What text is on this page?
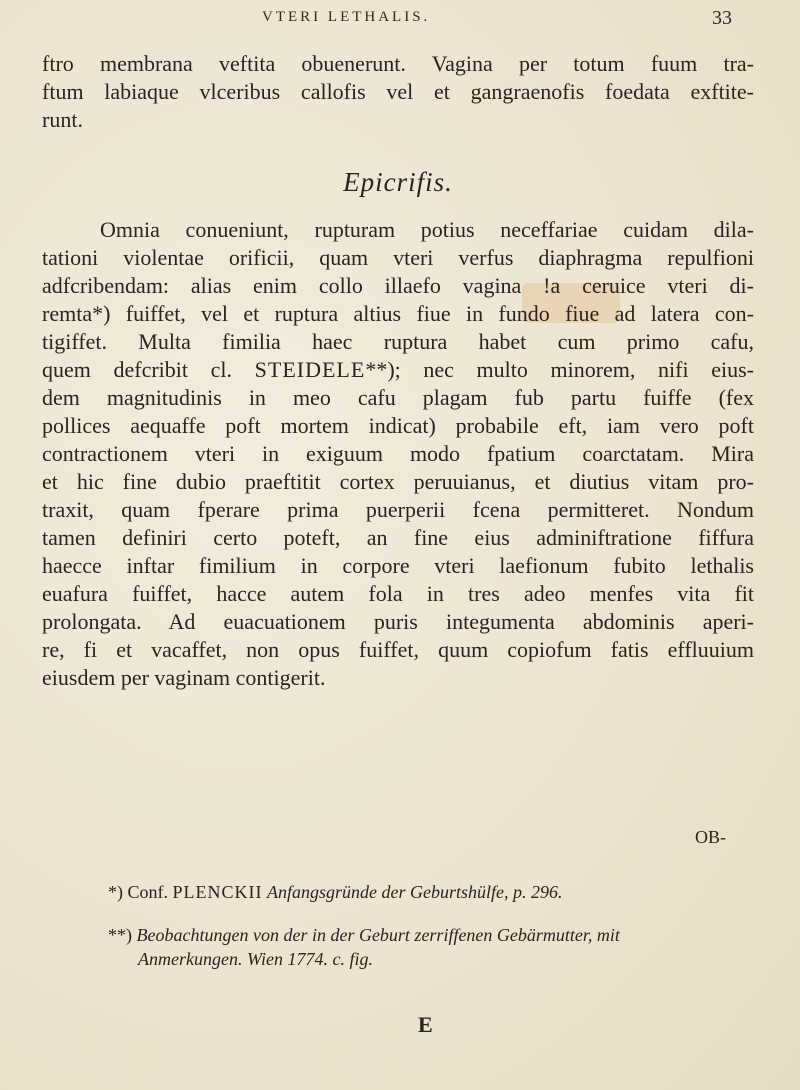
VTERI LETHALIS.	33
ftro membrana veftita obuenerunt. Vagina per totum fuum tra-
ftum labiaque vlceribus callofis vel et gangraenofis foedata exftite-
runt.
Epicrifis.
Omnia conueniunt, rupturam potius neceffariae cuidam dila-
tationi violentae orificii, quam vteri verfus diaphragma repulfioni
adfcribendam: alias enim collo illaefo vagina !a ceruice vteri di-
remta*) fuiffet, vel et ruptura altius fiue in fundo fiue ad latera con-
tigiffet. Multa fimilia haec ruptura habet cum primo cafu,
quem defcribit cl. STEIDELE**); nec multo minorem, nifi eius-
dem magnitudinis in meo cafu plagam fub partu fuiffe (fex
pollices aequaffe poft mortem indicat) probabile eft, iam vero poft
contractionem vteri in exiguum modo fpatium coarctatam. Mira
et hic fine dubio praeftitit cortex peruuianus, et diutius vitam pro-
traxit, quam fperare prima puerperii fcena permitteret. Nondum
tamen definiri certo poteft, an fine eius adminiftratione fiffura
haecce inftar fimilium in corpore vteri laefionum fubito lethalis
euafura fuiffet, hacce autem fola in tres adeo menfes vita fit
prolongata. Ad euacuationem puris integumenta abdominis aperi-
re, fi et vacaffet, non opus fuiffet, quum copiofum fatis effluuium
eiusdem per vaginam contigerit.
OB-
*) Conf. PLENCKII Anfangsgründe der Geburtshülfe, p. 296.
**) Beobachtungen von der in der Geburt zerriffenen Gebärmutter, mit
Anmerkungen. Wien 1774. c. fig.
E
